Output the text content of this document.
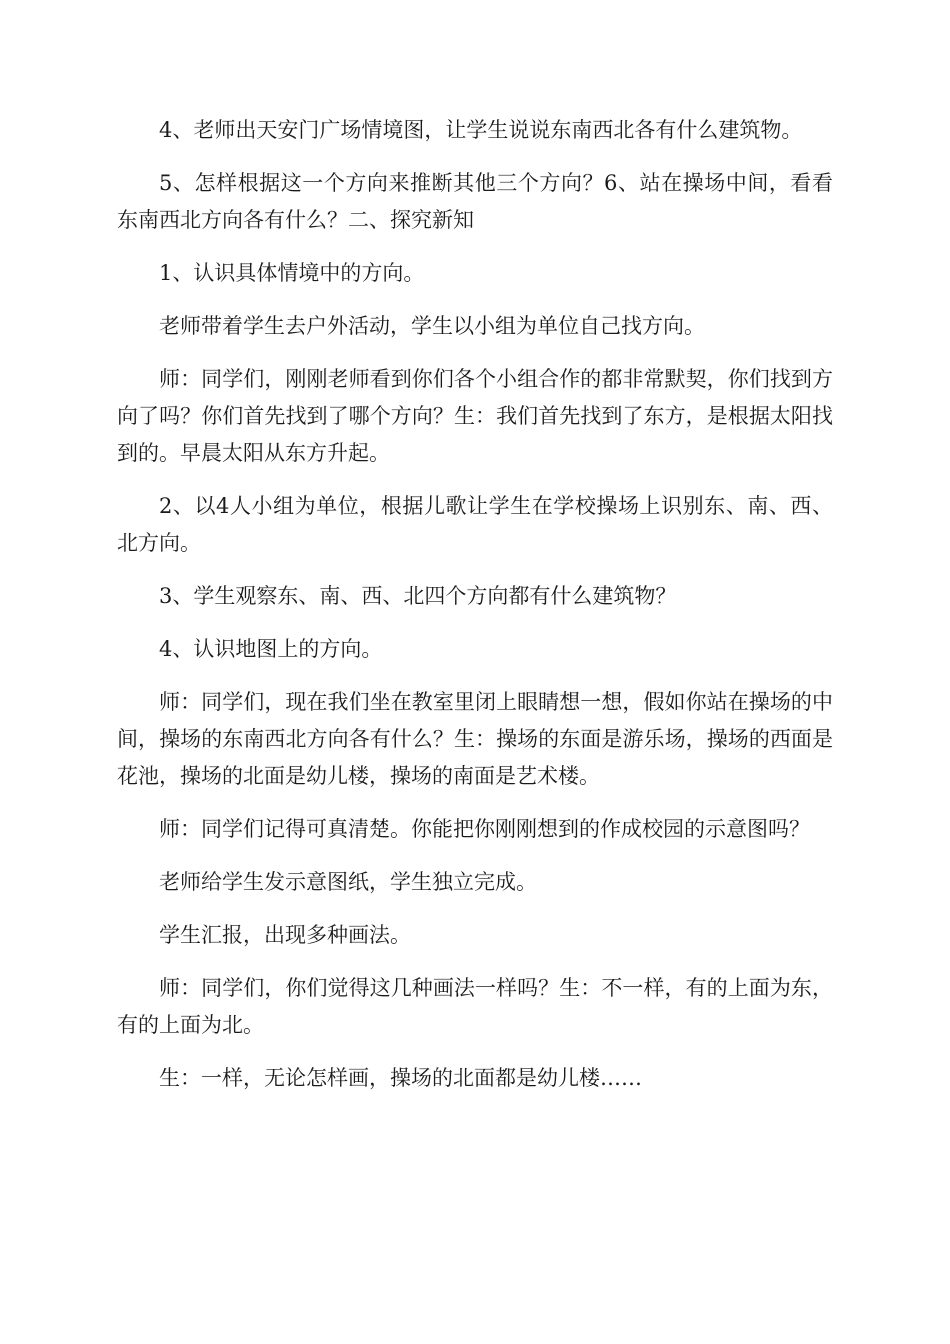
4、老师出天安门广场情境图，让学生说说东南西北各有什么建筑物。

5、怎样根据这一个方向来推断其他三个方向？6、站在操场中间，看看东南西北方向各有什么？二、探究新知

1、认识具体情境中的方向。

老师带着学生去户外活动，学生以小组为单位自己找方向。

师：同学们，刚刚老师看到你们各个小组合作的都非常默契，你们找到方向了吗？你们首先找到了哪个方向？生：我们首先找到了东方，是根据太阳找到的。早晨太阳从东方升起。

2、以4人小组为单位，根据儿歌让学生在学校操场上识别东、南、西、北方向。

3、学生观察东、南、西、北四个方向都有什么建筑物？

4、认识地图上的方向。

师：同学们，现在我们坐在教室里闭上眼睛想一想，假如你站在操场的中间，操场的东南西北方向各有什么？生：操场的东面是游乐场，操场的西面是花池，操场的北面是幼儿楼，操场的南面是艺术楼。

师：同学们记得可真清楚。你能把你刚刚想到的作成校园的示意图吗？

老师给学生发示意图纸，学生独立完成。

学生汇报，出现多种画法。

师：同学们，你们觉得这几种画法一样吗？生：不一样，有的上面为东，有的上面为北。

生：一样，无论怎样画，操场的北面都是幼儿楼……
